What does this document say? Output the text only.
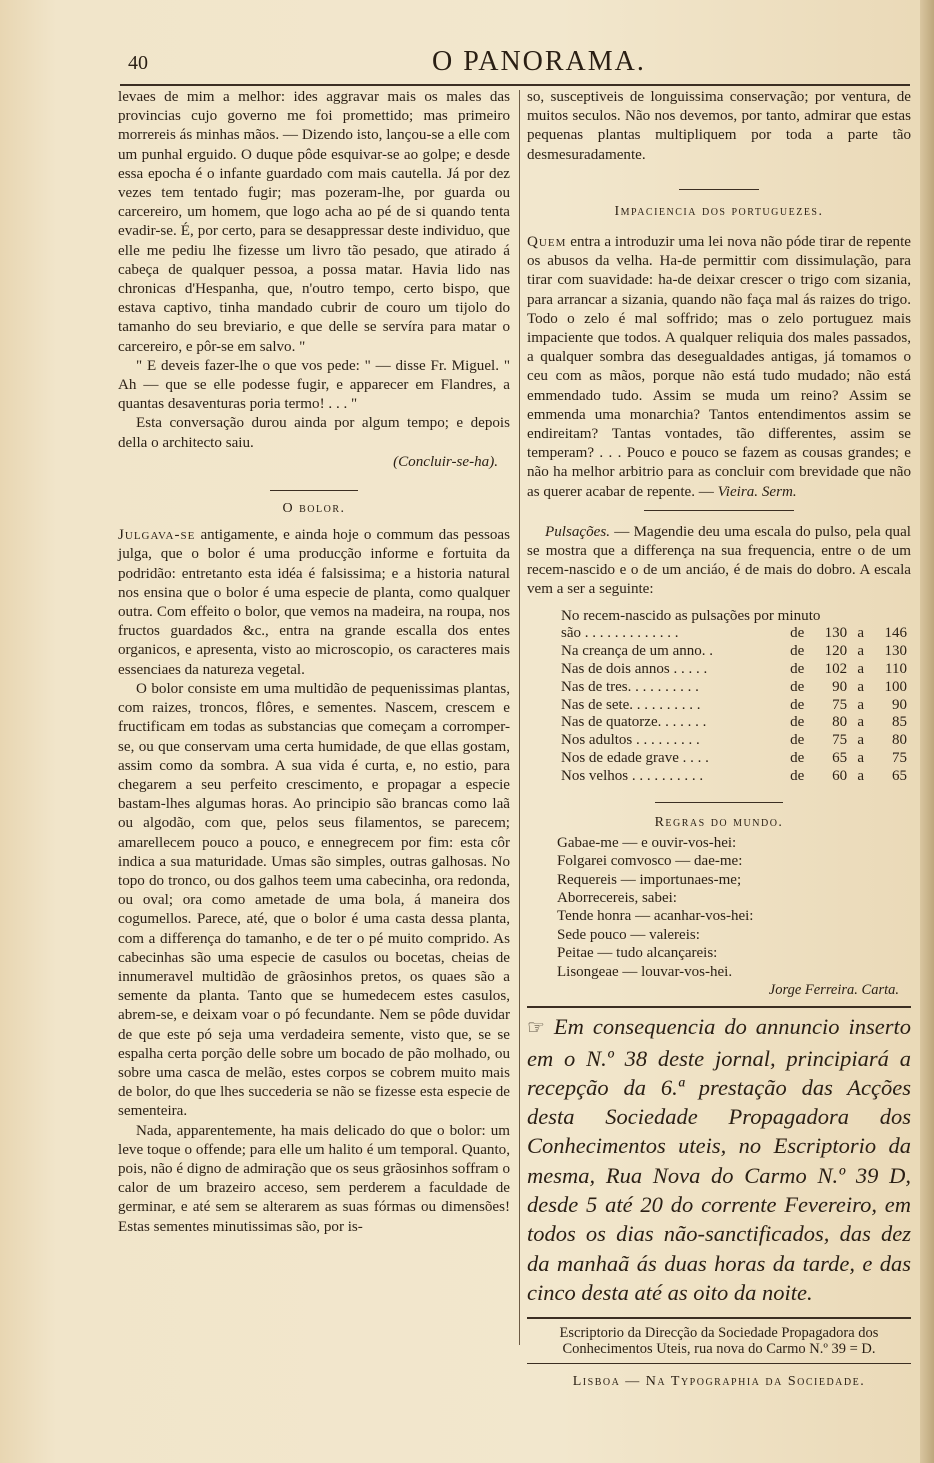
40	O PANORAMA.

levaes de mim a melhor: ides aggravar mais os males das provincias cujo governo me foi promettido; mas primeiro morrereis ás minhas mãos. — Dizendo isto, lançou-se a elle com um punhal erguido. O duque pôde esquivar-se ao golpe; e desde essa epocha é o infante guardado com mais cautella. Já por dez vezes tem tentado fugir; mas pozeram-lhe, por guarda ou carcereiro, um homem, que logo acha ao pé de si quando tenta evadir-se. É, por certo, para se desappressar deste individuo, que elle me pediu lhe fizesse um livro tão pesado, que atirado á cabeça de qualquer pessoa, a possa matar. Havia lido nas chronicas d'Hespanha, que, n'outro tempo, certo bispo, que estava captivo, tinha mandado cubrir de couro um tijolo do tamanho do seu breviario, e que delle se servíra para matar o carcereiro, e pôr-se em salvo. "

" E deveis fazer-lhe o que vos pede: " — disse Fr. Miguel. " Ah — que se elle podesse fugir, e apparecer em Flandres, a quantas desaventuras poria termo! . . . "

Esta conversação durou ainda por algum tempo; e depois della o architecto saiu.

(Concluir-se-ha).

O bolor.

Julgava-se antigamente, e ainda hoje o commum das pessoas julga, que o bolor é uma producção informe e fortuita da podridão: entretanto esta idéa é falsissima; e a historia natural nos ensina que o bolor é uma especie de planta, como qualquer outra. Com effeito o bolor, que vemos na madeira, na roupa, nos fructos guardados &c., entra na grande escalla dos entes organicos, e apresenta, visto ao microscopio, os caracteres mais essenciaes da natureza vegetal.

O bolor consiste em uma multidão de pequenissimas plantas, com raizes, troncos, flôres, e sementes. Nascem, crescem e fructificam em todas as substancias que começam a corromper-se, ou que conservam uma certa humidade, de que ellas gostam, assim como da sombra. A sua vida é curta, e, no estio, para chegarem a seu perfeito crescimento, e propagar a especie bastam-lhes algumas horas. Ao principio são brancas como laã ou algodão, com que, pelos seus filamentos, se parecem; amarellecem pouco a pouco, e ennegrecem por fim: esta côr indica a sua maturidade. Umas são simples, outras galhosas. No topo do tronco, ou dos galhos teem uma cabecinha, ora redonda, ou oval; ora como ametade de uma bola, á maneira dos cogumellos. Parece, até, que o bolor é uma casta dessa planta, com a differença do tamanho, e de ter o pé muito comprido. As cabecinhas são uma especie de casulos ou bocetas, cheias de innumeravel multidão de grãosinhos pretos, os quaes são a semente da planta. Tanto que se humedecem estes casulos, abrem-se, e deixam voar o pó fecundante. Nem se pôde duvidar de que este pó seja uma verdadeira semente, visto que, se se espalha certa porção delle sobre um bocado de pão molhado, ou sobre uma casca de melão, estes corpos se cobrem muito mais de bolor, do que lhes succederia se não se fizesse esta especie de sementeira.

Nada, apparentemente, ha mais delicado do que o bolor: um leve toque o offende; para elle um halito é um temporal. Quanto, pois, não é digno de admiração que os seus grãosinhos soffram o calor de um brazeiro acceso, sem perderem a faculdade de germinar, e até sem se alterarem as suas fórmas ou dimensões! Estas sementes minutissimas são, por is-

so, susceptiveis de longuissima conservação; por ventura, de muitos seculos. Não nos devemos, por tanto, admirar que estas pequenas plantas multipliquem por toda a parte tão desmesuradamente.

Impaciencia dos portuguezes.

Quem entra a introduzir uma lei nova não póde tirar de repente os abusos da velha. Ha-de permittir com dissimulação, para tirar com suavidade: ha-de deixar crescer o trigo com sizania, para arrancar a sizania, quando não faça mal ás raizes do trigo. Todo o zelo é mal soffrido; mas o zelo portuguez mais impaciente que todos. A qualquer reliquia dos males passados, a qualquer sombra das desegualdades antigas, já tomamos o ceu com as mãos, porque não está tudo mudado; não está emmendado tudo. Assim se muda um reino? Assim se emmenda uma monarchia? Tantos entendimentos assim se endireitam? Tantas vontades, tão differentes, assim se temperam? . . . Pouco e pouco se fazem as cousas grandes; e não ha melhor arbitrio para as concluir com brevidade que não as querer acabar de repente. — Vieira. Serm.

Pulsações. — Magendie deu uma escala do pulso, pela qual se mostra que a differença na sua frequencia, entre o de um recem-nascido e o de um anciáo, é de mais do dobro. A escala vem a ser a seguinte:

No recem-nascido as pulsações por minuto

são . . . . . . . . . . . . .	de	130	a	146
Na creança de um anno. .	de	120	a	130
Nas de dois annos . . . . .	de	102	a	110
Nas de tres. . . . . . . . . .	de	90	a	100
Nas de sete. . . . . . . . . .	de	75	a	90
Nas de quatorze. . . . . . .	de	80	a	85
Nos adultos . . . . . . . . .	de	75	a	80
Nos de edade grave . . . .	de	65	a	75
Nos velhos . . . . . . . . . .	de	60	a	65

Regras do mundo.

Gabae-me — e ouvir-vos-hei:
Folgarei comvosco — dae-me:
Requereis — importunaes-me;
Aborrecereis, sabei:
Tende honra — acanhar-vos-hei:
Sede pouco — valereis:
Peitae — tudo alcançareis:
Lisongeae — louvar-vos-hei.

Jorge Ferreira. Carta.

☞ Em consequencia do annuncio inserto em o N.º 38 deste jornal, principiará a recepção da 6.ª prestação das Acções desta Sociedade Propagadora dos Conhecimentos uteis, no Escriptorio da mesma, Rua Nova do Carmo N.º 39 D, desde 5 até 20 do corrente Fevereiro, em todos os dias não-sanctificados, das dez da manhaã ás duas horas da tarde, e das cinco desta até as oito da noite.

Escriptorio da Direcção da Sociedade Propagadora dos Conhecimentos Uteis, rua nova do Carmo N.º 39 = D.

Lisboa — Na Typographia da Sociedade.
